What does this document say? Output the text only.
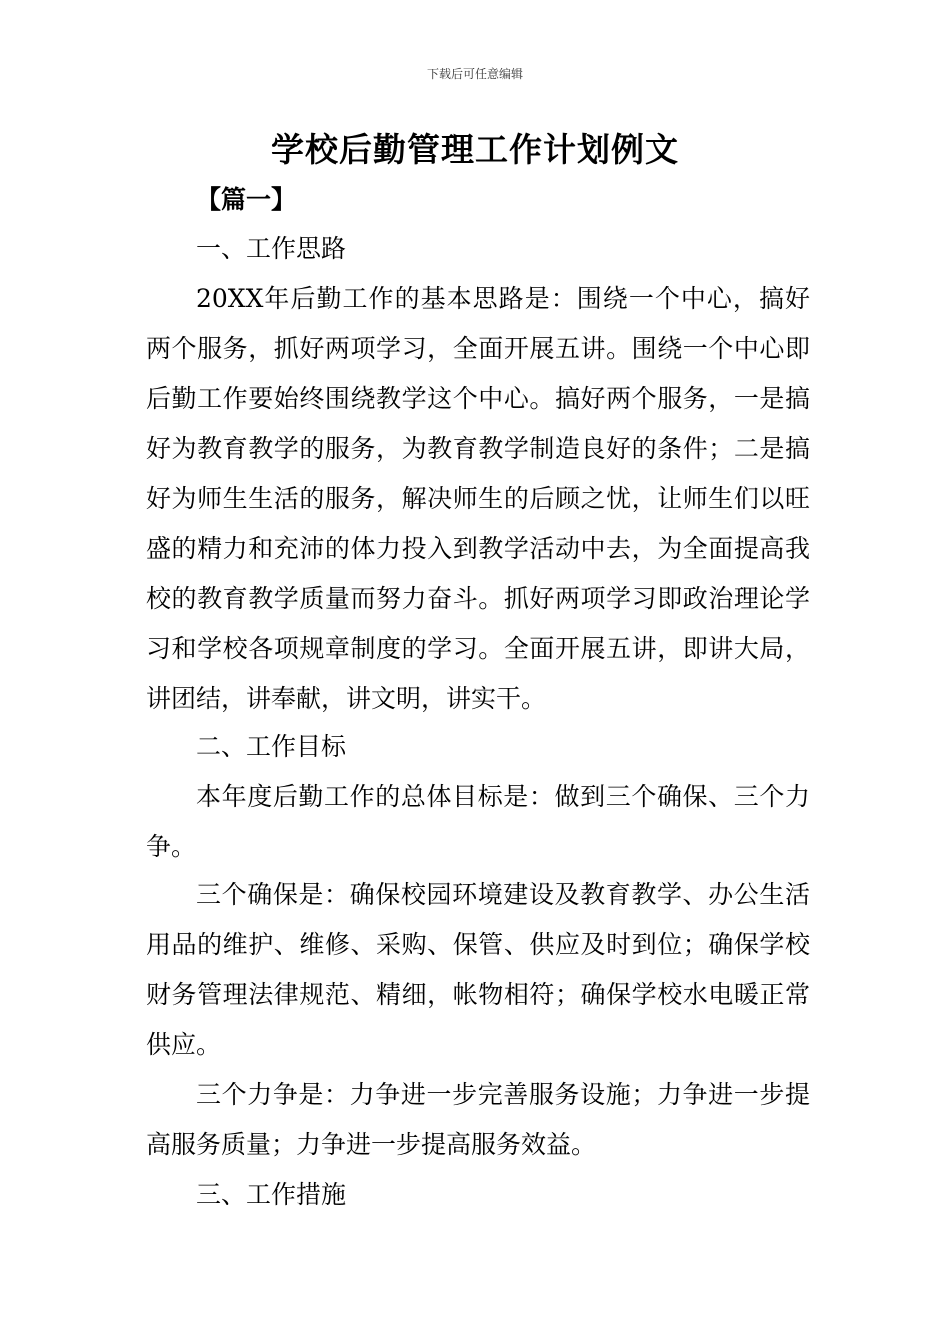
下载后可任意编辑
学校后勤管理工作计划例文
【篇一】

一、工作思路

20XX年后勤工作的基本思路是：围绕一个中心，搞好两个服务，抓好两项学习，全面开展五讲。围绕一个中心即后勤工作要始终围绕教学这个中心。搞好两个服务，一是搞好为教育教学的服务，为教育教学制造良好的条件；二是搞好为师生生活的服务，解决师生的后顾之忧，让师生们以旺盛的精力和充沛的体力投入到教学活动中去，为全面提高我校的教育教学质量而努力奋斗。抓好两项学习即政治理论学习和学校各项规章制度的学习。全面开展五讲，即讲大局，讲团结，讲奉献，讲文明，讲实干。

二、工作目标

本年度后勤工作的总体目标是：做到三个确保、三个力争。

三个确保是：确保校园环境建设及教育教学、办公生活用品的维护、维修、采购、保管、供应及时到位；确保学校财务管理法律规范、精细，帐物相符；确保学校水电暖正常供应。

三个力争是：力争进一步完善服务设施；力争进一步提高服务质量；力争进一步提高服务效益。

三、工作措施
